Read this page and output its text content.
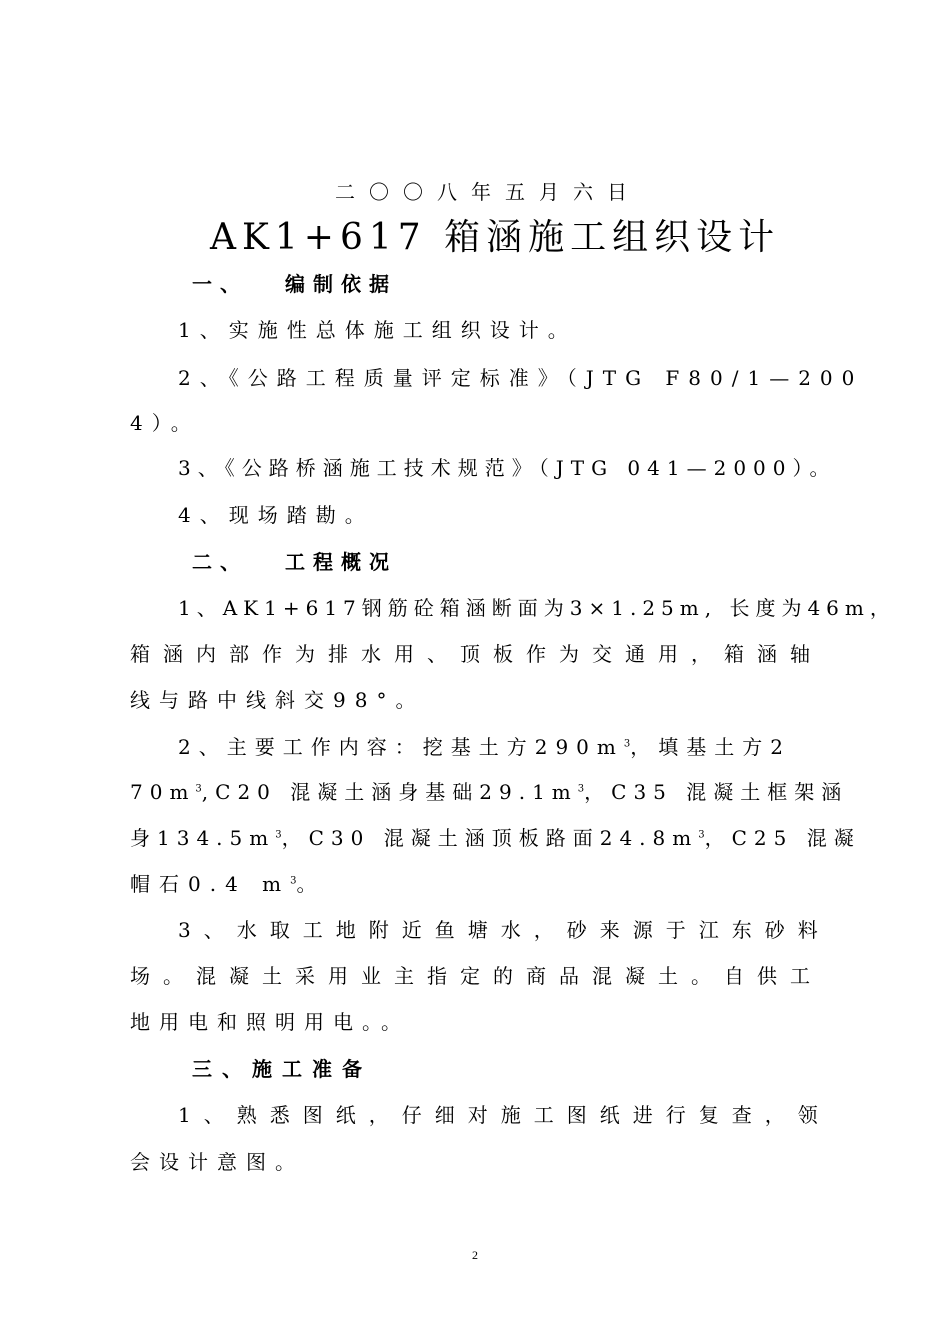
二〇〇八年五月六日
AK1+617 箱涵施工组织设计
一、 编制依据
1、实施性总体施工组织设计。
2、《公路工程质量评定标准》（JTG F80/1—200
4）。
3、《公路桥涵施工技术规范》（JTG 041—2000）。
4、现场踏勘。
二、 工程概况
1、AK1+617钢筋砼箱涵断面为3×1.25m, 长度为46m，
箱涵内部作为排水用、顶板作为交通用，箱涵轴
线与路中线斜交98°。
2、主要工作内容：挖基土方$290m^3$，填基土方2
$70m^3,C20$ 混凝土涵身基础$29.1m^3$，C35 混凝土框架涵
身$134.5m^3$，C30 混凝土涵顶板路面$24.8m^3$，C25 混凝
帽石0.4 $m^3$。
3、水取工地附近鱼塘水，砂来源于江东砂料
场。混凝土采用业主指定的商品混凝土。自供工
地用电和照明用电。。
三、施工准备
1、熟悉图纸，仔细对施工图纸进行复查，领
会设计意图。
2
